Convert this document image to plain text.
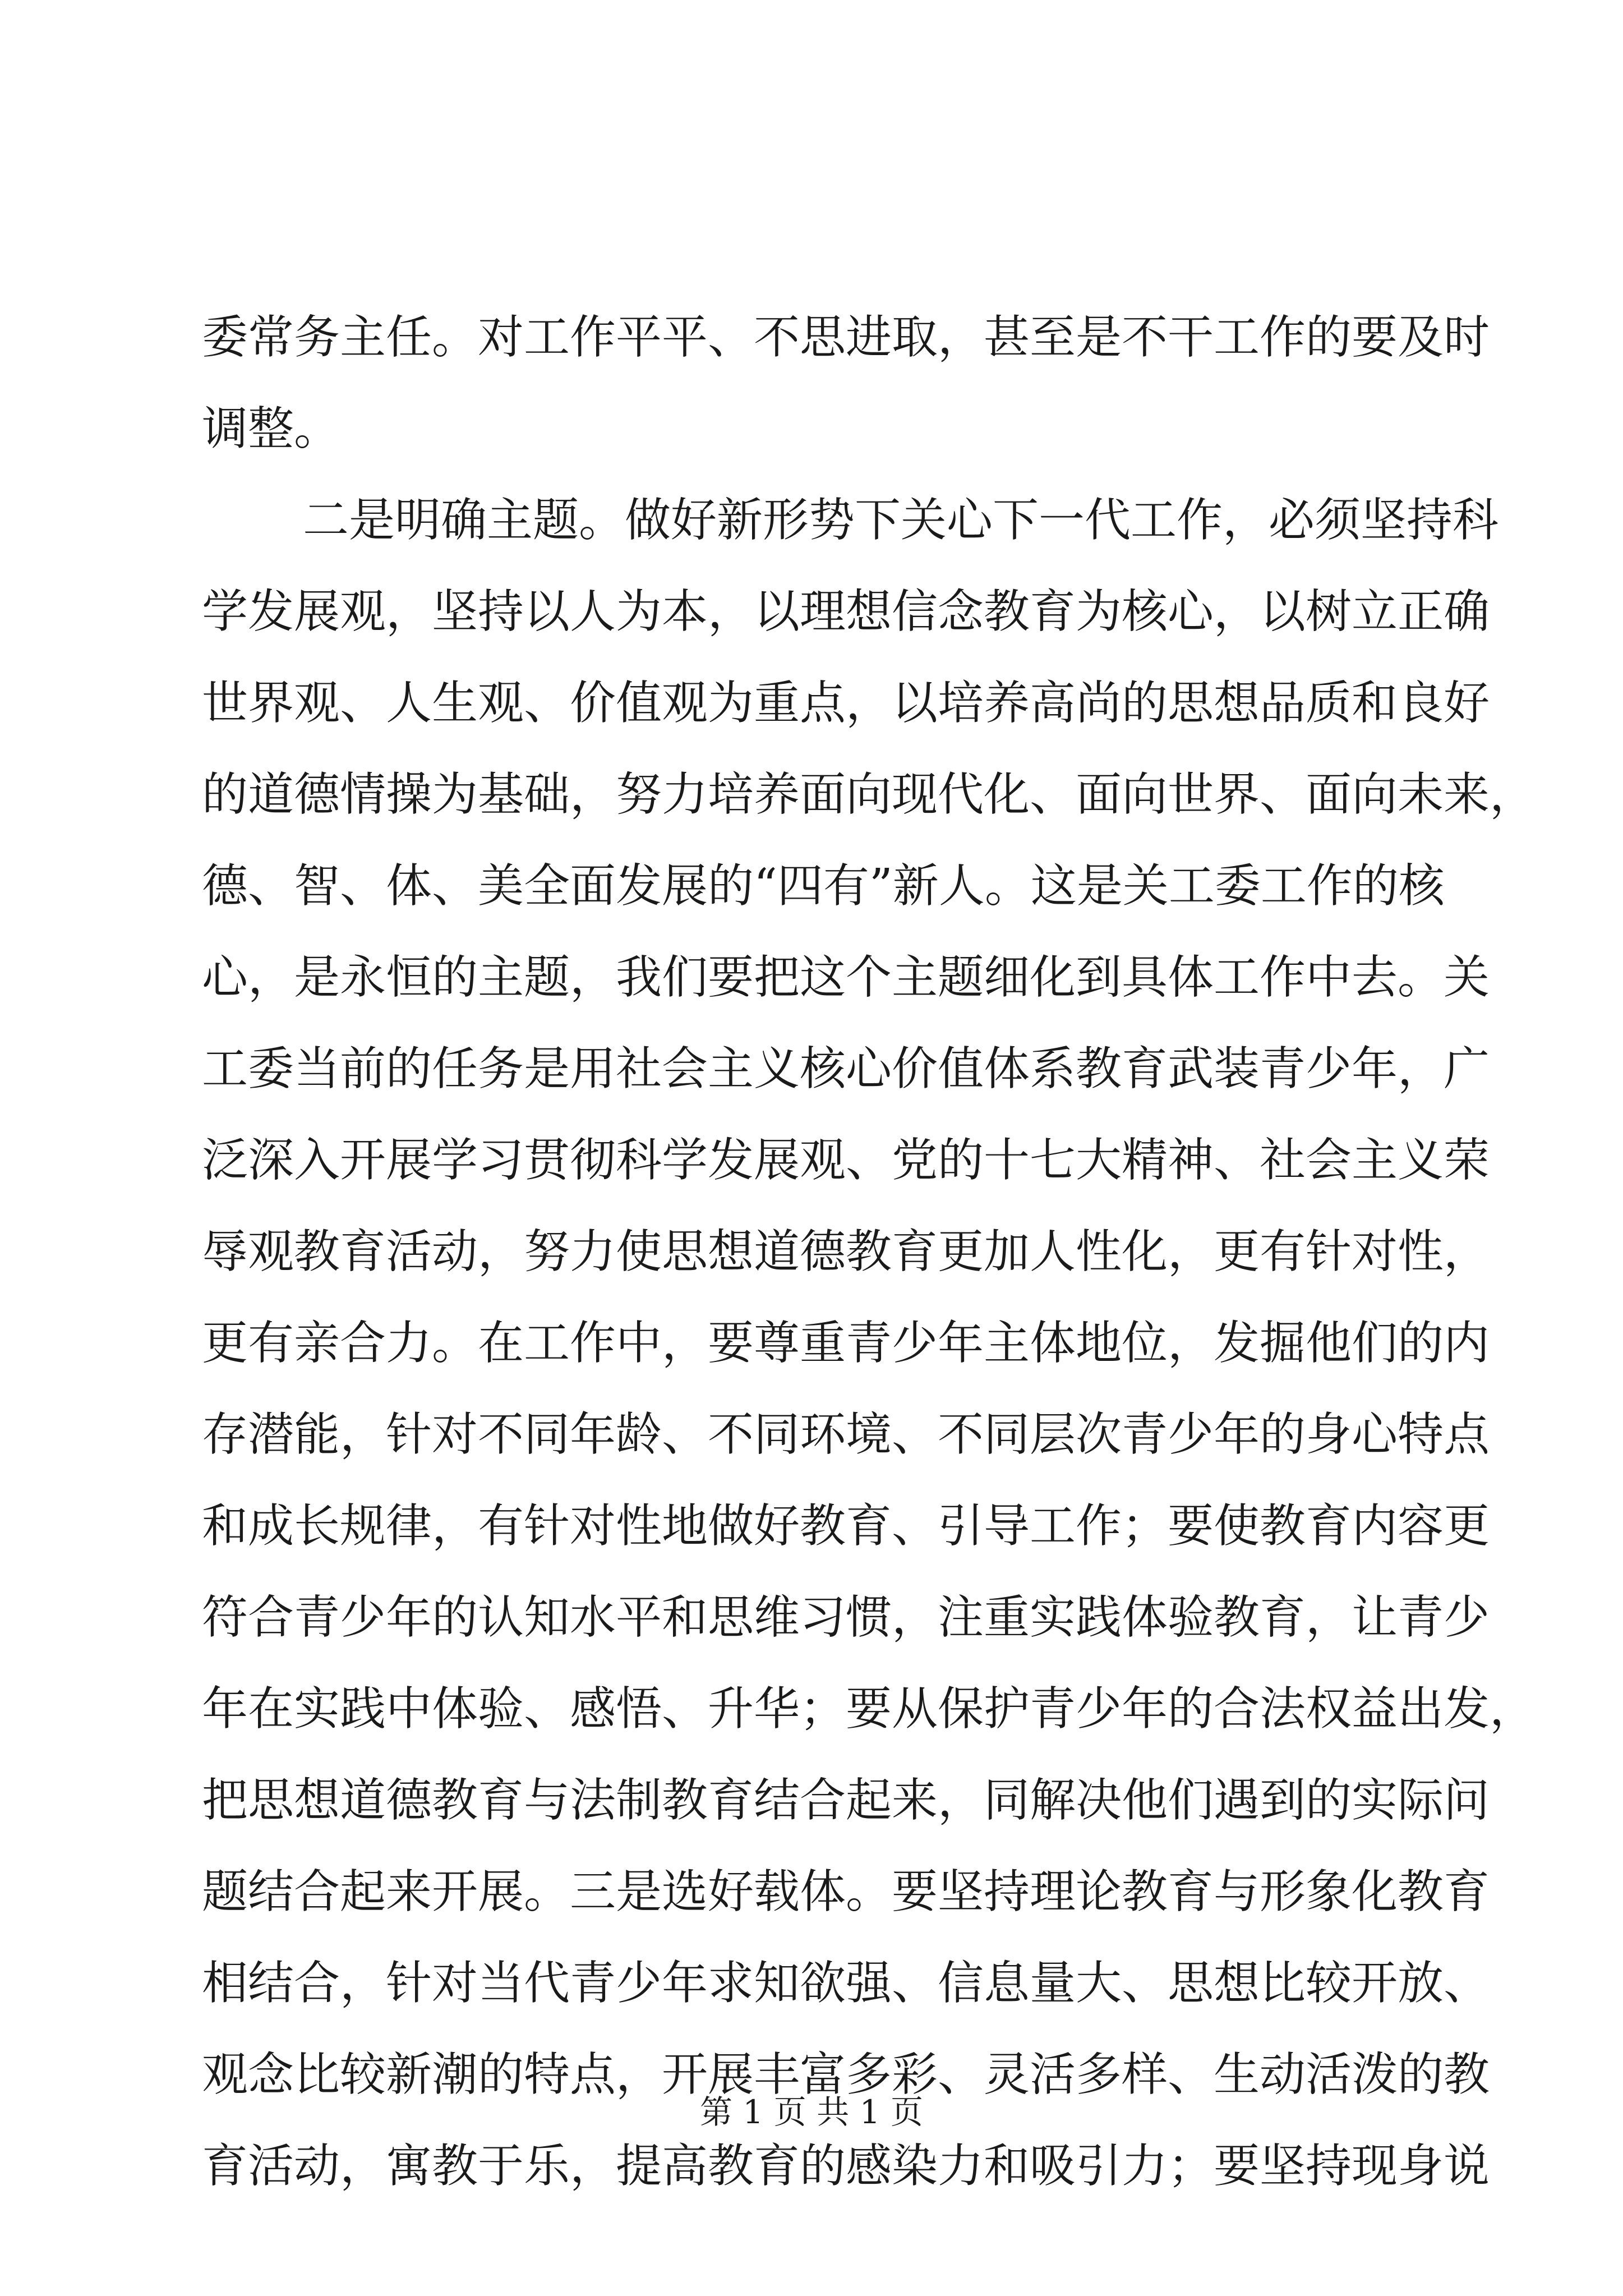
委常务主任。对工作平平、不思进取，甚至是不干工作的要及时
调整。
二是明确主题。做好新形势下关心下一代工作，必须坚持科
学发展观，坚持以人为本，以理想信念教育为核心，以树立正确
世界观、人生观、价值观为重点，以培养高尚的思想品质和良好
的道德情操为基础，努力培养面向现代化、面向世界、面向未来，
德、智、体、美全面发展的“四有”新人。这是关工委工作的核
心，是永恒的主题，我们要把这个主题细化到具体工作中去。关
工委当前的任务是用社会主义核心价值体系教育武装青少年，广
泛深入开展学习贯彻科学发展观、党的十七大精神、社会主义荣
辱观教育活动，努力使思想道德教育更加人性化，更有针对性，
更有亲合力。在工作中，要尊重青少年主体地位，发掘他们的内
存潜能，针对不同年龄、不同环境、不同层次青少年的身心特点
和成长规律，有针对性地做好教育、引导工作；要使教育内容更
符合青少年的认知水平和思维习惯，注重实践体验教育，让青少
年在实践中体验、感悟、升华；要从保护青少年的合法权益出发，
把思想道德教育与法制教育结合起来，同解决他们遇到的实际问
题结合起来开展。三是选好载体。要坚持理论教育与形象化教育
相结合，针对当代青少年求知欲强、信息量大、思想比较开放、
观念比较新潮的特点，开展丰富多彩、灵活多样、生动活泼的教
育活动，寓教于乐，提高教育的感染力和吸引力；要坚持现身说
第 1 页 共 1 页
